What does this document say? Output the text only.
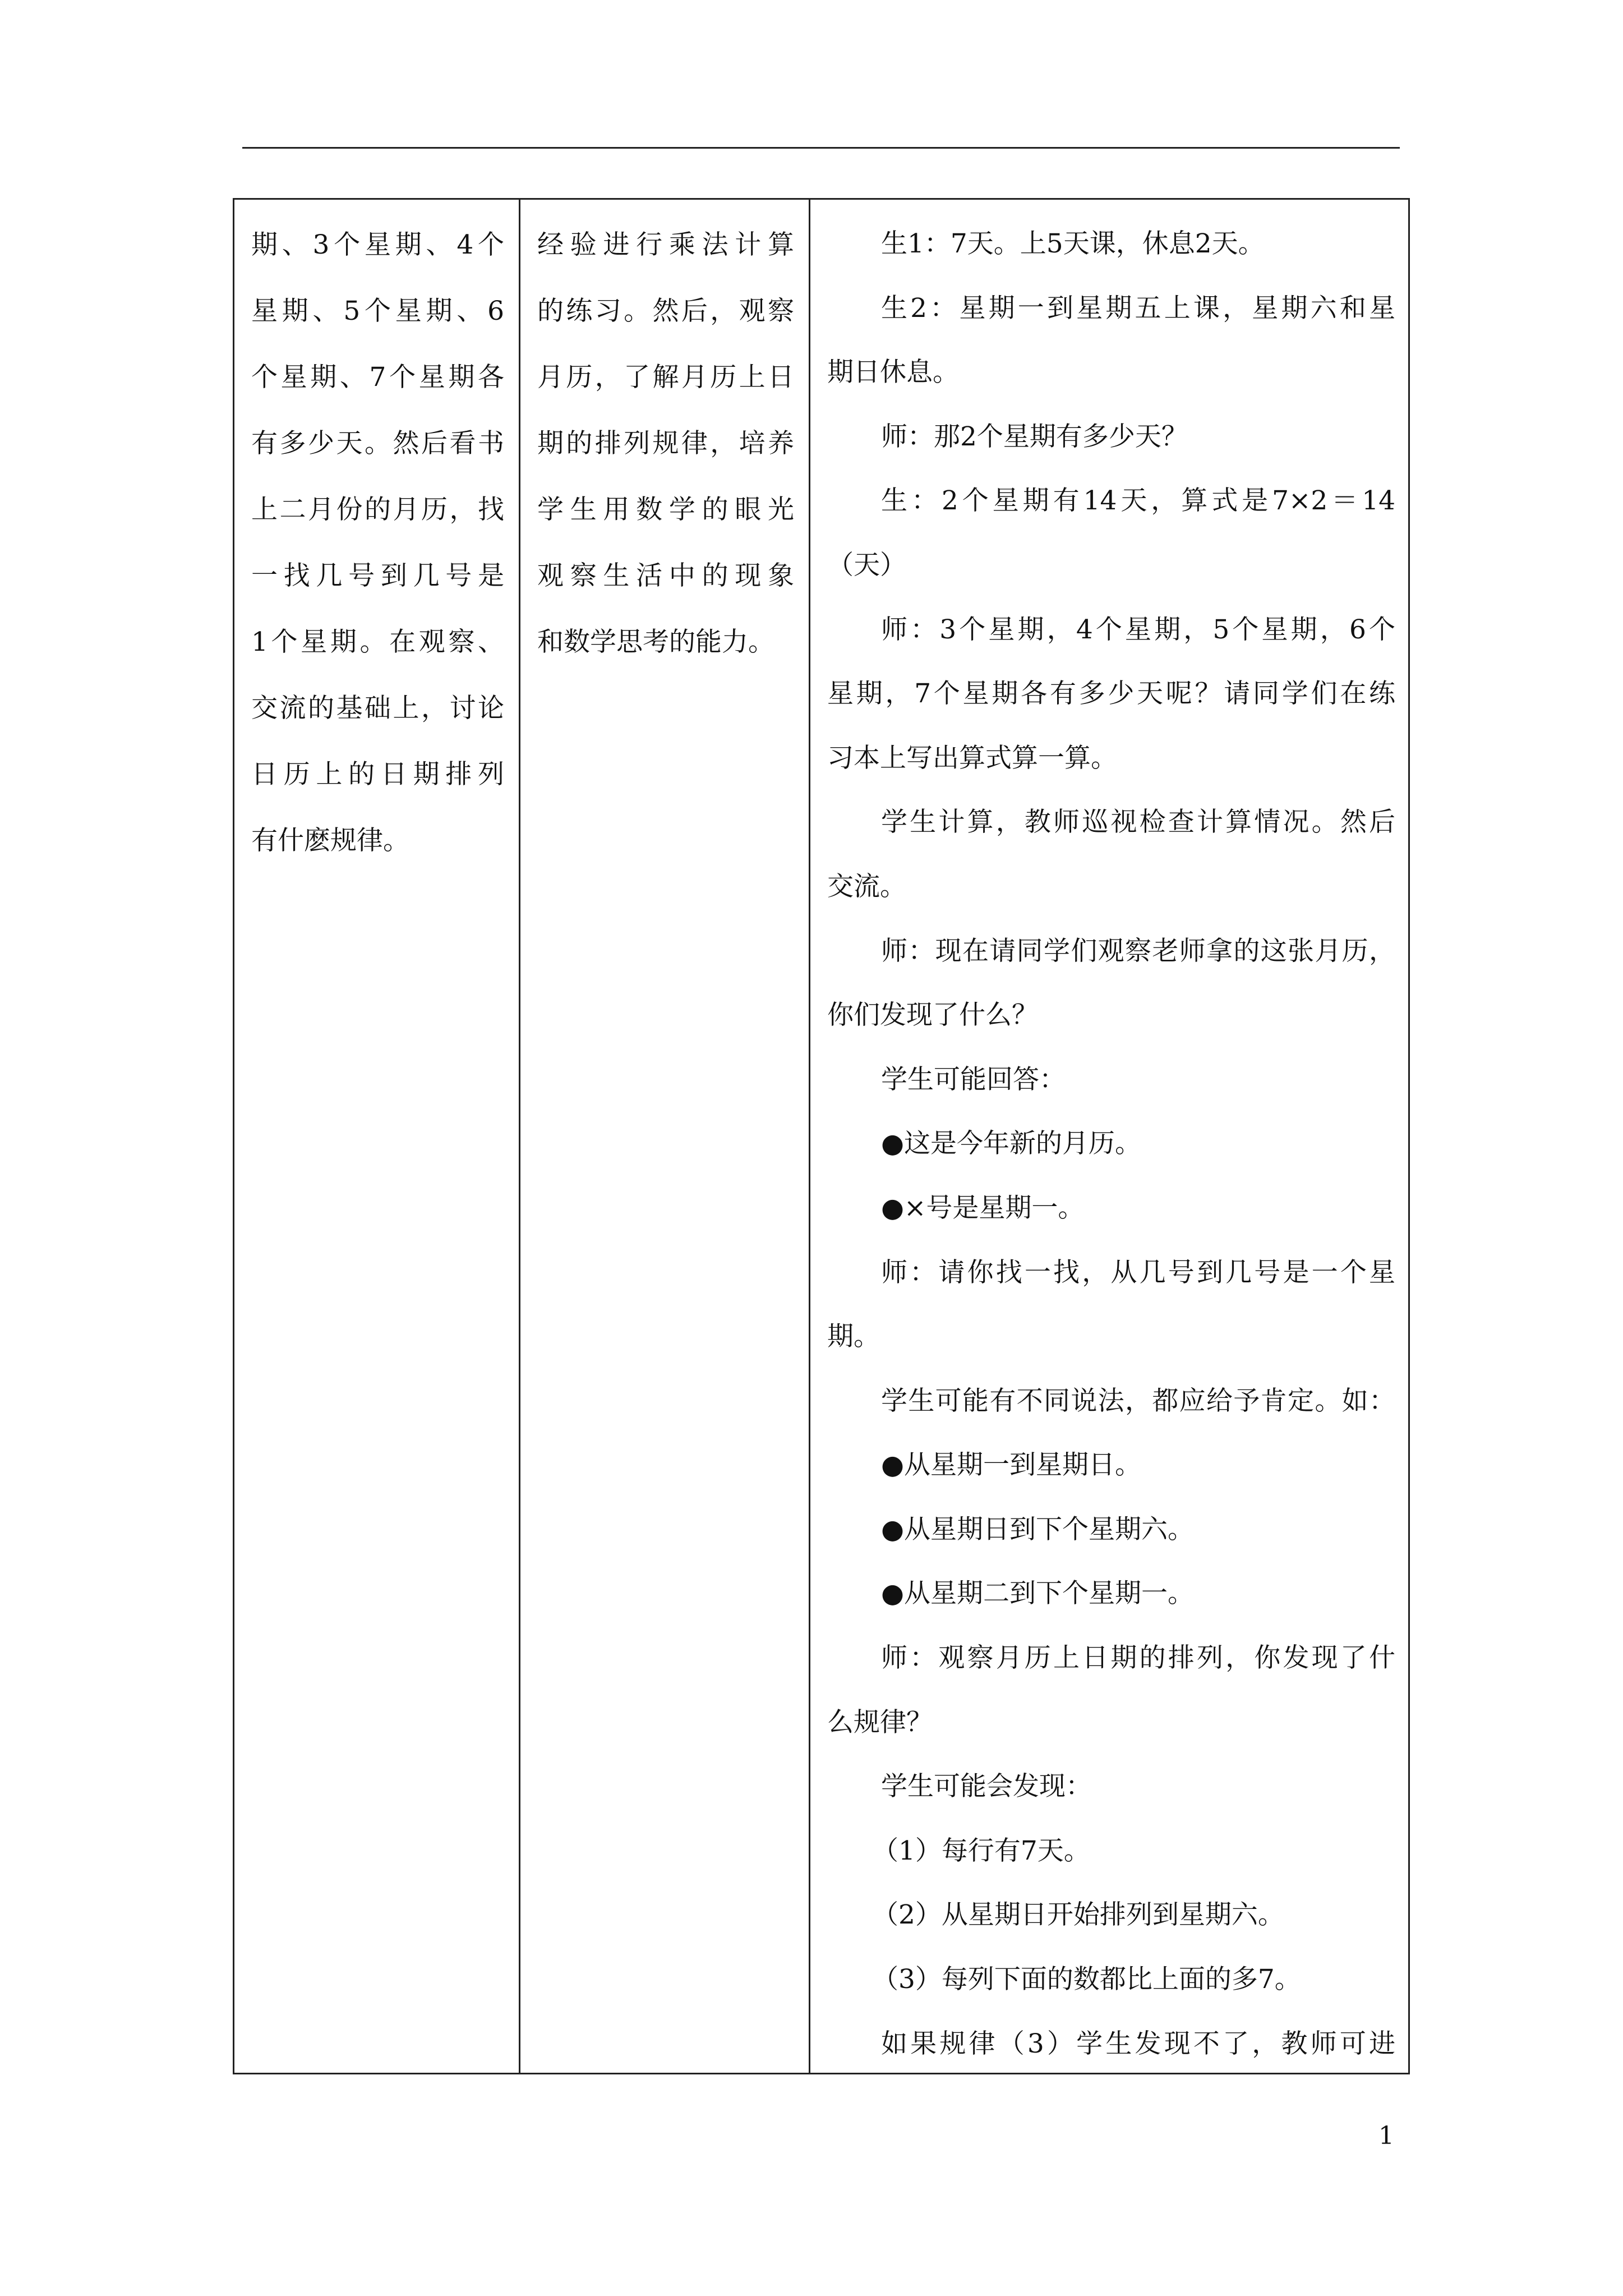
期、3个星期、4个
星期、5个星期、6
个星期、7个星期各
有多少天。然后看书
上二月份的月历，找
一找几号到几号是
1个星期。在观察、
交流的基础上，讨论
日历上的日期排列
有什麽规律。
经验进行乘法计算
的练习。然后，观察
月历，了解月历上日
期的排列规律，培养
学生用数学的眼光
观察生活中的现象
和数学思考的能力。
生1：7天。上5天课，休息2天。
生2：星期一到星期五上课，星期六和星
期日休息。
师：那2个星期有多少天？
生：2个星期有14天，算式是7×2＝14
（天）
师：3个星期，4个星期，5个星期，6个
星期，7个星期各有多少天呢？请同学们在练
习本上写出算式算一算。
学生计算，教师巡视检查计算情况。然后
交流。
师：现在请同学们观察老师拿的这张月历，
你们发现了什么？
学生可能回答：
●这是今年新的月历。
●×号是星期一。
师：请你找一找，从几号到几号是一个星
期。
学生可能有不同说法，都应给予肯定。如：
●从星期一到星期日。
●从星期日到下个星期六。
●从星期二到下个星期一。
师：观察月历上日期的排列，你发现了什
么规律？
学生可能会发现：
（1）每行有7天。
（2）从星期日开始排列到星期六。
（3）每列下面的数都比上面的多7。
如果规律（3）学生发现不了，教师可进
1
